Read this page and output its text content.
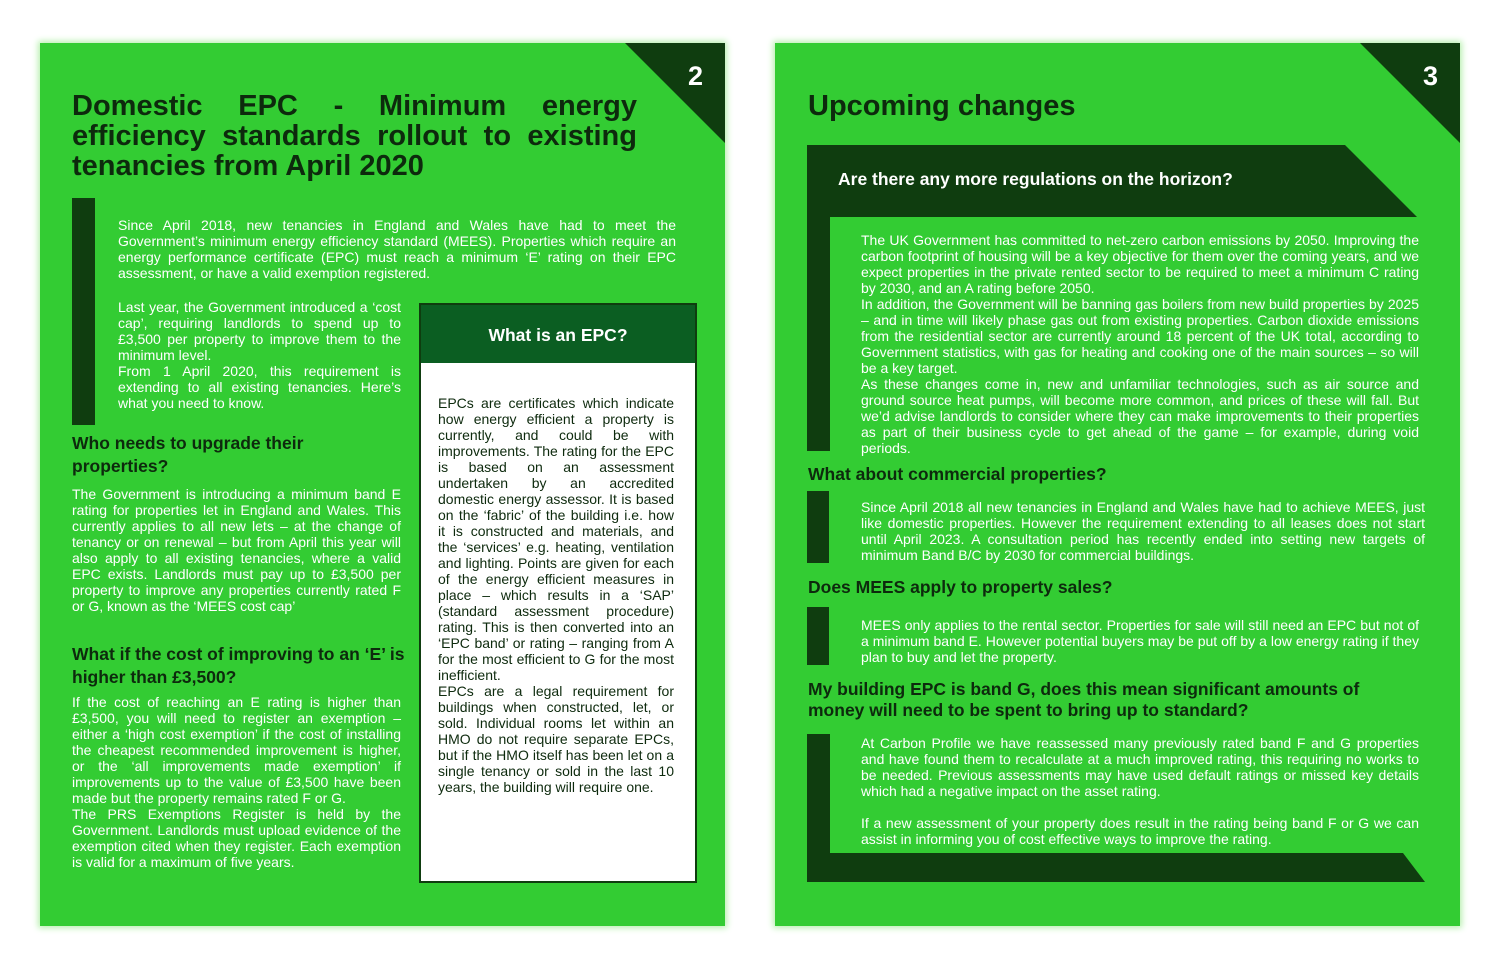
2
Domestic EPC - Minimum energy efficiency standards rollout to existing tenancies from April 2020
Since April 2018, new tenancies in England and Wales have had to meet the Government’s minimum energy efficiency standard (MEES). Properties which require an energy performance certificate (EPC) must reach a minimum ‘E’ rating on their EPC assessment, or have a valid exemption registered.

Last year, the Government introduced a ‘cost cap’, requiring landlords to spend up to £3,500 per property to improve them to the minimum level.

From 1 April 2020, this requirement is extending to all existing tenancies. Here’s what you need to know.

Who needs to upgrade their properties?
The Government is introducing a minimum band E rating for properties let in England and Wales. This currently applies to all new lets – at the change of tenancy or on renewal – but from April this year will also apply to all existing tenancies, where a valid EPC exists. Landlords must pay up to £3,500 per property to improve any properties currently rated F or G, known as the ‘MEES cost cap’
What if the cost of improving to an ‘E’ is higher than £3,500?

If the cost of reaching an E rating is higher than £3,500, you will need to register an exemption – either a ‘high cost exemption’ if the cost of installing the cheapest recommended improvement is higher, or the ‘all improvements made exemption’ if improvements up to the value of £3,500 have been made but the property remains rated F or G.

The PRS Exemptions Register is held by the Government. Landlords must upload evidence of the exemption cited when they register. Each exemption is valid for a maximum of five years.

What is an EPC?

EPCs are certificates which indicate how energy efficient a property is currently, and could be with improvements. The rating for the EPC is based on an assessment undertaken by an accredited domestic energy assessor. It is based on the ‘fabric’ of the building i.e. how it is constructed and materials, and the ‘services’ e.g. heating, ventilation and lighting. Points are given for each of the energy efficient measures in place – which results in a ‘SAP’ (standard assessment procedure) rating. This is then converted into an ‘EPC band’ or rating – ranging from A for the most efficient to G for the most inefficient.

EPCs are a legal requirement for buildings when constructed, let, or sold. Individual rooms let within an HMO do not require separate EPCs, but if the HMO itself has been let on a single tenancy or sold in the last 10 years, the building will require one.

3
Upcoming changes
Are there any more regulations on the horizon?

The UK Government has committed to net-zero carbon emissions by 2050. Improving the carbon footprint of housing will be a key objective for them over the coming years, and we expect properties in the private rented sector to be required to meet a minimum C rating by 2030, and an A rating before 2050.

In addition, the Government will be banning gas boilers from new build properties by 2025 – and in time will likely phase gas out from existing properties. Carbon dioxide emissions from the residential sector are currently around 18 percent of the UK total, according to Government statistics, with gas for heating and cooking one of the main sources – so will be a key target.

As these changes come in, new and unfamiliar technologies, such as air source and ground source heat pumps, will become more common, and prices of these will fall. But we’d advise landlords to consider where they can make improvements to their properties as part of their business cycle to get ahead of the game – for example, during void periods.

What about commercial properties?
Since April 2018 all new tenancies in England and Wales have had to achieve MEES, just like domestic properties. However the requirement extending to all leases does not start until April 2023. A consultation period has recently ended into setting new targets of minimum Band B/C by 2030 for commercial buildings.
Does MEES apply to property sales?
MEES only applies to the rental sector. Properties for sale will still need an EPC but not of a minimum band E. However potential buyers may be put off by a low energy rating if they plan to buy and let the property.
My building EPC is band G, does this mean significant amounts of money will need to be spent to bring up to standard?

At Carbon Profile we have reassessed many previously rated band F and G properties and have found them to recalculate at a much improved rating, this requiring no works to be needed. Previous assessments may have used default ratings or missed key details which had a negative impact on the asset rating.

If a new assessment of your property does result in the rating being band F or G we can assist in informing you of cost effective ways to improve the rating.
